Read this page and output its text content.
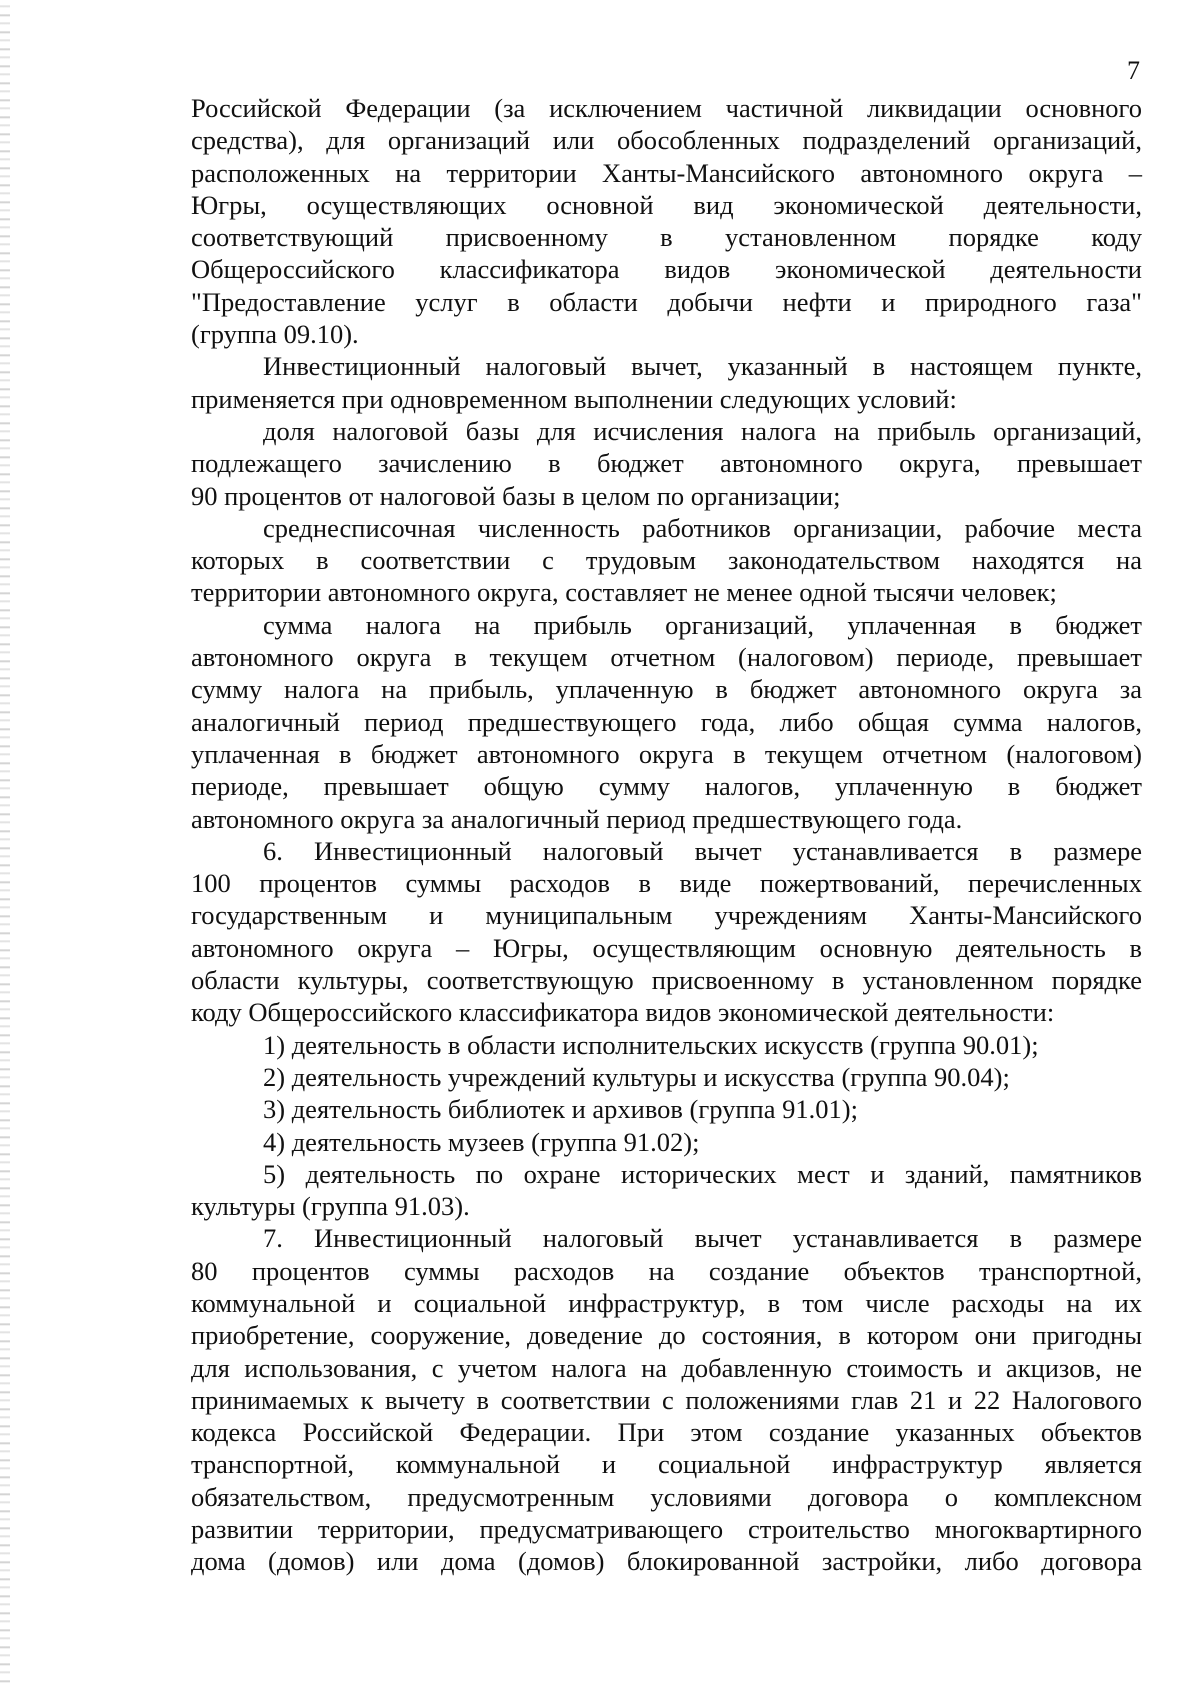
7
Российской Федерации (за исключением частичной ликвидации основного
средства), для организаций или обособленных подразделений организаций,
расположенных на территории Ханты-Мансийского автономного округа –
Югры, осуществляющих основной вид экономической деятельности,
соответствующий присвоенному в установленном порядке коду
Общероссийского классификатора видов экономической деятельности
"Предоставление услуг в области добычи нефти и природного газа"
(группа 09.10).
Инвестиционный налоговый вычет, указанный в настоящем пункте,
применяется при одновременном выполнении следующих условий:
доля налоговой базы для исчисления налога на прибыль организаций,
подлежащего зачислению в бюджет автономного округа, превышает
90 процентов от налоговой базы в целом по организации;
среднесписочная численность работников организации, рабочие места
которых в соответствии с трудовым законодательством находятся на
территории автономного округа, составляет не менее одной тысячи человек;
сумма налога на прибыль организаций, уплаченная в бюджет
автономного округа в текущем отчетном (налоговом) периоде, превышает
сумму налога на прибыль, уплаченную в бюджет автономного округа за
аналогичный период предшествующего года, либо общая сумма налогов,
уплаченная в бюджет автономного округа в текущем отчетном (налоговом)
периоде, превышает общую сумму налогов, уплаченную в бюджет
автономного округа за аналогичный период предшествующего года.
6. Инвестиционный налоговый вычет устанавливается в размере
100 процентов суммы расходов в виде пожертвований, перечисленных
государственным и муниципальным учреждениям Ханты-Мансийского
автономного округа – Югры, осуществляющим основную деятельность в
области культуры, соответствующую присвоенному в установленном порядке
коду Общероссийского классификатора видов экономической деятельности:
1) деятельность в области исполнительских искусств (группа 90.01);
2) деятельность учреждений культуры и искусства (группа 90.04);
3) деятельность библиотек и архивов (группа 91.01);
4) деятельность музеев (группа 91.02);
5) деятельность по охране исторических мест и зданий, памятников
культуры (группа 91.03).
7. Инвестиционный налоговый вычет устанавливается в размере
80 процентов суммы расходов на создание объектов транспортной,
коммунальной и социальной инфраструктур, в том числе расходы на их
приобретение, сооружение, доведение до состояния, в котором они пригодны
для использования, с учетом налога на добавленную стоимость и акцизов, не
принимаемых к вычету в соответствии с положениями глав 21 и 22 Налогового
кодекса Российской Федерации. При этом создание указанных объектов
транспортной, коммунальной и социальной инфраструктур является
обязательством, предусмотренным условиями договора о комплексном
развитии территории, предусматривающего строительство многоквартирного
дома (домов) или дома (домов) блокированной застройки, либо договора
